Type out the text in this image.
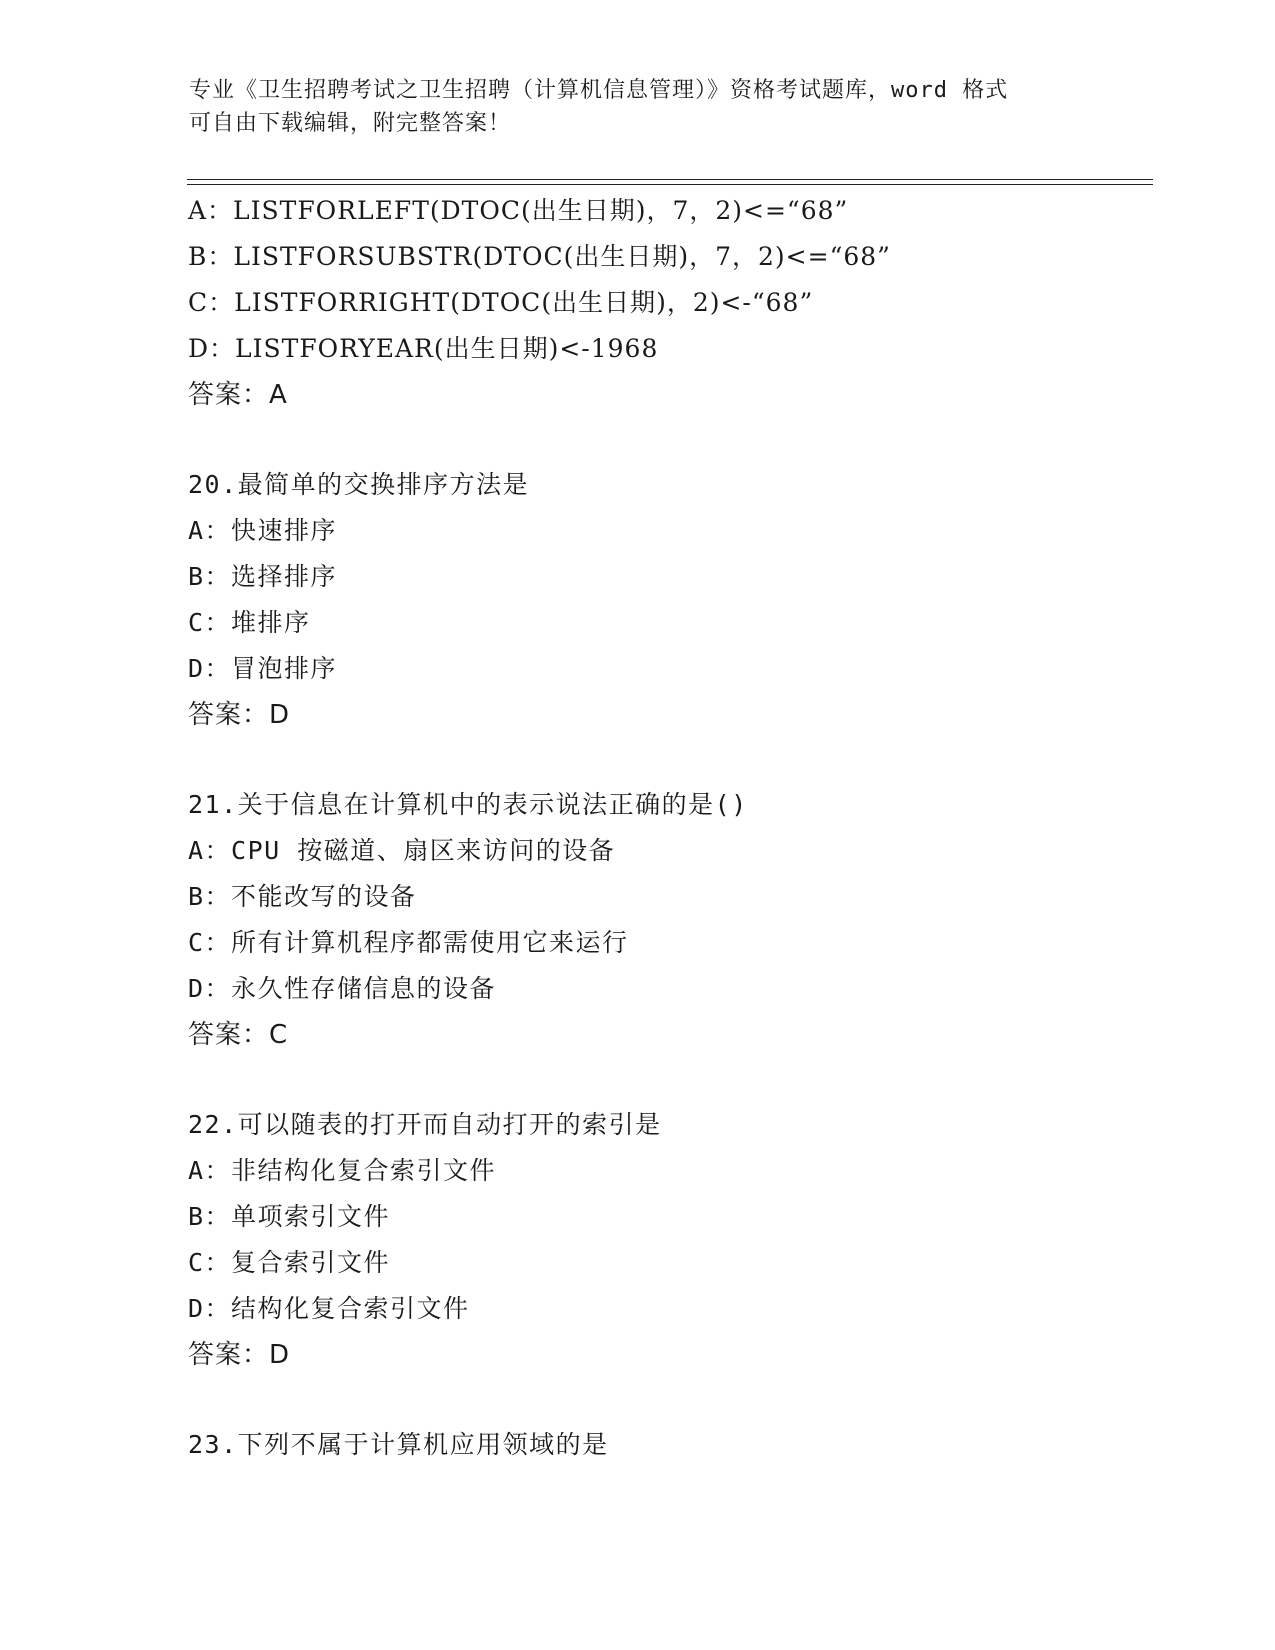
专业《卫生招聘考试之卫生招聘（计算机信息管理）》资格考试题库，word 格式
可自由下载编辑，附完整答案！
A：LISTFORLEFT(DTOC(出生日期)，7，2)<=“68”
B：LISTFORSUBSTR(DTOC(出生日期)，7，2)<=“68”
C：LISTFORRIGHT(DTOC(出生日期)，2)<-“68”
D：LISTFORYEAR(出生日期)<-1968
答案：A
20.最简单的交换排序方法是
A：快速排序
B：选择排序
C：堆排序
D：冒泡排序
答案：D
21.关于信息在计算机中的表示说法正确的是()
A：CPU 按磁道、扇区来访问的设备
B：不能改写的设备
C：所有计算机程序都需使用它来运行
D：永久性存储信息的设备
答案：C
22.可以随表的打开而自动打开的索引是
A：非结构化复合索引文件
B：单项索引文件
C：复合索引文件
D：结构化复合索引文件
答案：D
23.下列不属于计算机应用领域的是
